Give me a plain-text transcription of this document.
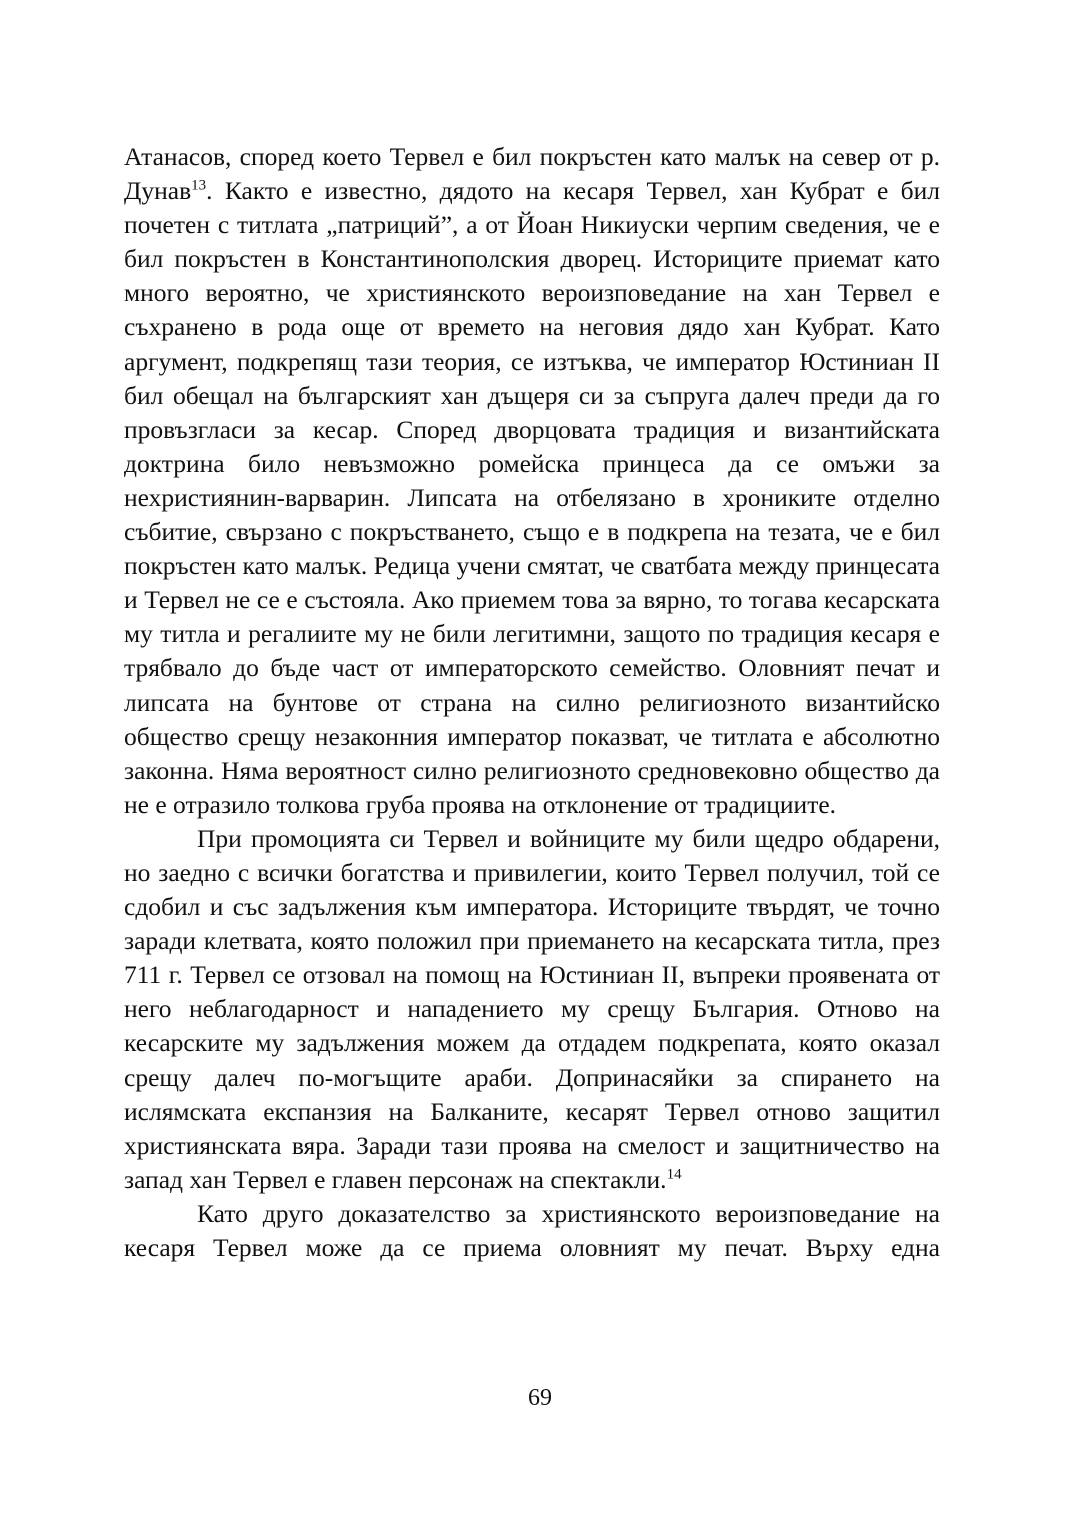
Атанасов, според което Тервел е бил покръстен като малък на север от р. Дунав$^{13}$. Както е известно, дядото на кесаря Тервел, хан Кубрат е бил почетен с титлата „патриций”, а от Йоан Никиуски черпим сведения, че е бил покръстен в Константинополския дворец. Историците приемат като много вероятно, че християнското вероизповедание на хан Тервел е съхранено в рода още от времето на неговия дядо хан Кубрат. Като аргумент, подкрепящ тази теория, се изтъква, че император Юстиниан II бил обещал на българският хан дъщеря си за съпруга далеч преди да го провъзгласи за кесар. Според дворцовата традиция и византийската доктрина било невъзможно ромейска принцеса да се омъжи за нехристиянин-варварин. Липсата на отбелязано в хрониките отделно събитие, свързано с покръстването, също е в подкрепа на тезата, че е бил покръстен като малък. Редица учени смятат, че сватбата между принцесата и Тервел не се е състояла. Ако приемем това за вярно, то тогава кесарската му титла и регалиите му не били легитимни, защото по традиция кесаря е трябвало до бъде част от императорското семейство. Оловният печат и липсата на бунтове от страна на силно религиозното византийско общество срещу незаконния император показват, че титлата е абсолютно законна. Няма вероятност силно религиозното средновековно общество да не е отразило толкова груба проява на отклонение от традициите.

При промоцията си Тервел и войниците му били щедро обдарени, но заедно с всички богатства и привилегии, които Тервел получил, той се сдобил и със задължения към императора. Историците твърдят, че точно заради клетвата, която положил при приемането на кесарската титла, през 711 г. Тервел се отзовал на помощ на Юстиниан II, въпреки проявената от него неблагодарност и нападението му срещу България. Отново на кесарските му задължения можем да отдадем подкрепата, която оказал срещу далеч по-могъщите араби. Допринасяйки за спирането на ислямската експанзия на Балканите, кесарят Тервел отново защитил християнската вяра. Заради тази проява на смелост и защитничество на запад хан Тервел е главен персонаж на спектакли.$^{14}$

Като друго доказателство за християнското вероизповедание на кесаря Тервел може да се приема оловният му печат. Върху една

69
